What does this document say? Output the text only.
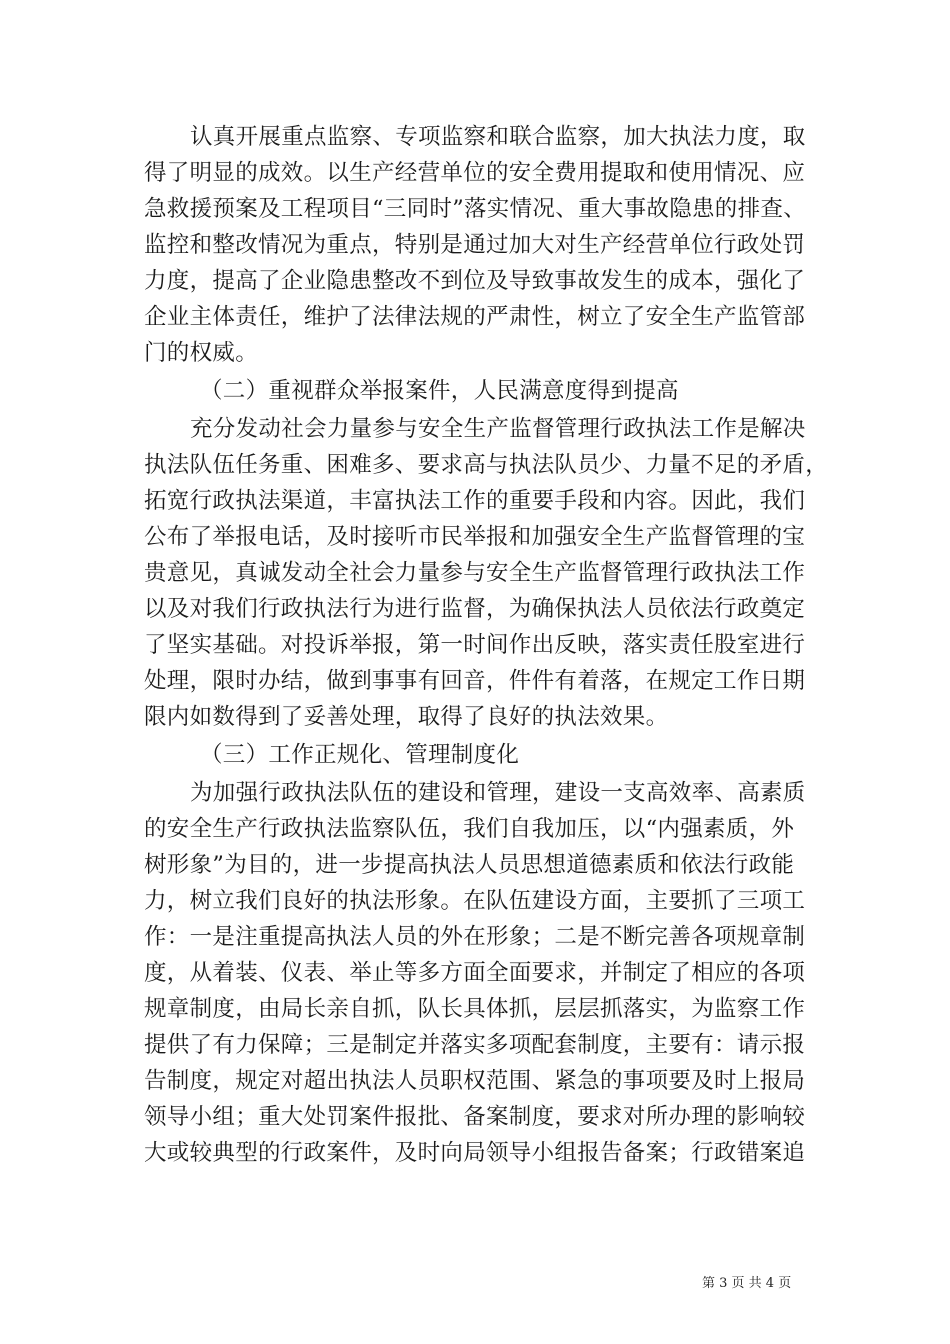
认真开展重点监察、专项监察和联合监察，加大执法力度，取
得了明显的成效。以生产经营单位的安全费用提取和使用情况、应
急救援预案及工程项目“三同时”落实情况、重大事故隐患的排查、
监控和整改情况为重点，特别是通过加大对生产经营单位行政处罚
力度，提高了企业隐患整改不到位及导致事故发生的成本，强化了
企业主体责任，维护了法律法规的严肃性，树立了安全生产监管部
门的权威。
（二）重视群众举报案件，人民满意度得到提高
充分发动社会力量参与安全生产监督管理行政执法工作是解决
执法队伍任务重、困难多、要求高与执法队员少、力量不足的矛盾，
拓宽行政执法渠道，丰富执法工作的重要手段和内容。因此，我们
公布了举报电话，及时接听市民举报和加强安全生产监督管理的宝
贵意见，真诚发动全社会力量参与安全生产监督管理行政执法工作
以及对我们行政执法行为进行监督，为确保执法人员依法行政奠定
了坚实基础。对投诉举报，第一时间作出反映，落实责任股室进行
处理，限时办结，做到事事有回音，件件有着落，在规定工作日期
限内如数得到了妥善处理，取得了良好的执法效果。
（三）工作正规化、管理制度化
为加强行政执法队伍的建设和管理，建设一支高效率、高素质
的安全生产行政执法监察队伍，我们自我加压，以“内强素质，外
树形象”为目的，进一步提高执法人员思想道德素质和依法行政能
力，树立我们良好的执法形象。在队伍建设方面，主要抓了三项工
作：一是注重提高执法人员的外在形象；二是不断完善各项规章制
度，从着装、仪表、举止等多方面全面要求，并制定了相应的各项
规章制度，由局长亲自抓，队长具体抓，层层抓落实，为监察工作
提供了有力保障；三是制定并落实多项配套制度，主要有：请示报
告制度，规定对超出执法人员职权范围、紧急的事项要及时上报局
领导小组；重大处罚案件报批、备案制度，要求对所办理的影响较
大或较典型的行政案件，及时向局领导小组报告备案；行政错案追
第 3 页 共 4 页
